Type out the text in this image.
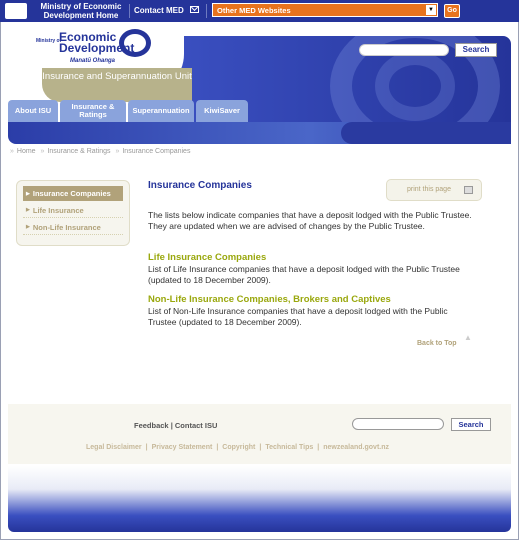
Ministry of Economic Development Home
Contact MED	Other MED Websites	▼	Go
Ministry of
Economic Development
Manatū Ohanga
Insurance and Superannuation Unit
Search
About ISU	Insurance & Ratings	Superannuation	KiwiSaver
» Home » Insurance & Ratings » Insurance Companies
▶ Insurance Companies
▶ Life Insurance
▶ Non-Life Insurance
Insurance Companies	print this page
The lists below indicate companies that have a deposit lodged with the Public Trustee. They are updated when we are advised of changes by the Public Trustee.
Life Insurance Companies
List of Life Insurance companies that have a deposit lodged with the Public Trustee (updated to 18 December 2009).
Non-Life Insurance Companies, Brokers and Captives
List of Non-Life Insurance companies that have a deposit lodged with the Public Trustee (updated to 18 December 2009).
Back to Top
▲
Feedback | Contact ISU	Search
Legal Disclaimer | Privacy Statement | Copyright | Technical Tips | newzealand.govt.nz
